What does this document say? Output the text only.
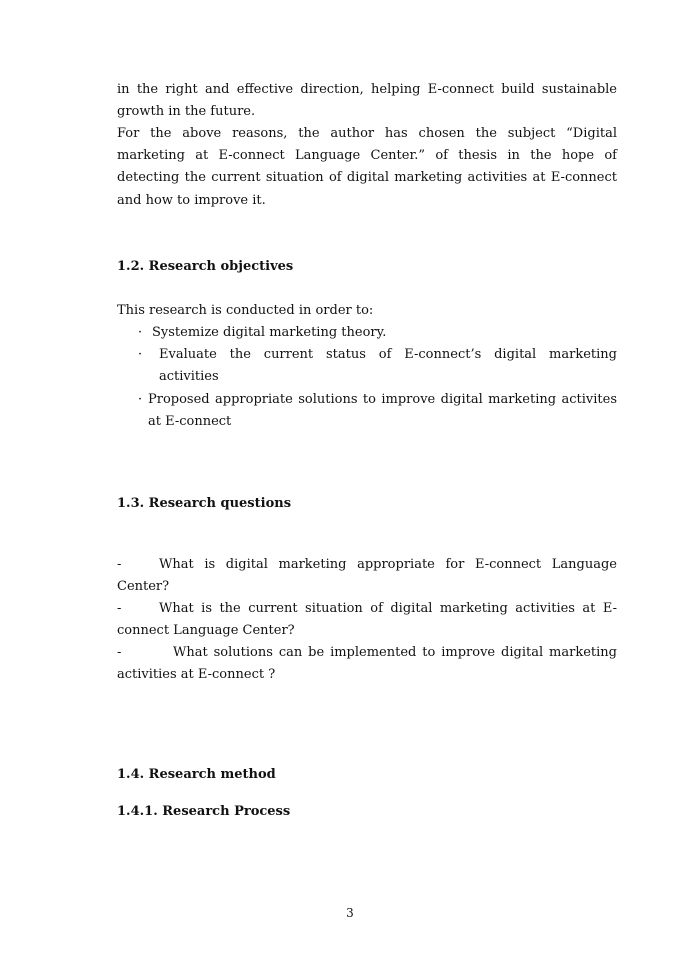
in the right and effective direction, helping E-connect build sustainable growth in the future.
For the above reasons, the author has chosen the subject “Digital marketing at E-connect Language Center.” of thesis in the hope of detecting the current situation of digital marketing activities at E-connect and how to improve it.
1.2. Research objectives
This research is conducted in order to:
· Systemize digital marketing theory.
·	Evaluate the current status of E-connect’s digital marketing activities
· Proposed appropriate solutions to improve digital marketing activites at E-connect
1.3. Research questions
-	What is digital marketing appropriate for E-connect Language Center?
-	What is the current situation of digital marketing activities at E-connect Language Center?
-	What solutions can be implemented to improve digital marketing activities at E-connect ?
1.4. Research method
1.4.1. Research Process
3
